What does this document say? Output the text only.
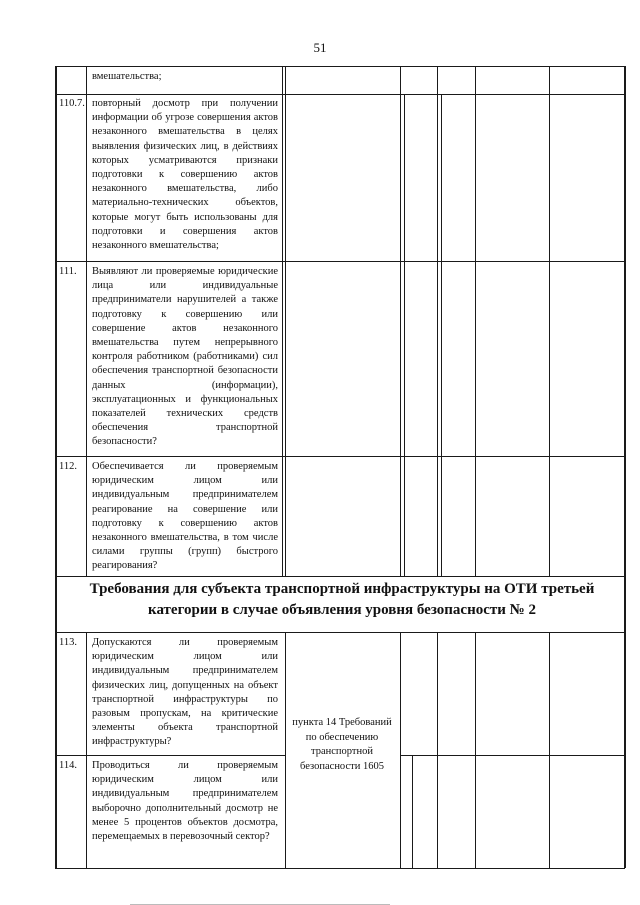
51
вмешательства;
110.7. повторный досмотр при получении информации об угрозе совершения актов незаконного вмешательства в целях выявления физических лиц, в действиях которых усматриваются признаки подготовки к совершению актов незаконного вмешательства, либо материально-технических объектов, которые могут быть использованы для подготовки и совершения актов незаконного вмешательства;
111. Выявляют ли проверяемые юридические лица или индивидуальные предприниматели нарушителей а также подготовку к совершению или совершение актов незаконного вмешательства путем непрерывного контроля работником (работниками) сил обеспечения транспортной безопасности данных (информации), эксплуатационных и функциональных показателей технических средств обеспечения транспортной безопасности?
112. Обеспечивается ли проверяемым юридическим лицом или индивидуальным предпринимателем реагирование на совершение или подготовку к совершению актов незаконного вмешательства, в том числе силами группы (групп) быстрого реагирования?
Требования для субъекта транспортной инфраструктуры на ОТИ третьей категории в случае объявления уровня безопасности № 2
113. Допускаются ли проверяемым юридическим лицом или индивидуальным предпринимателем физических лиц, допущенных на объект транспортной инфраструктуры по разовым пропускам, на критические элементы объекта транспортной инфраструктуры?
114. Проводиться ли проверяемым юридическим лицом или индивидуальным предпринимателем выборочно дополнительный досмотр не менее 5 процентов объектов досмотра, перемещаемых в перевозочный сектор?
пункта 14 Требований по обеспечению транспортной безопасности 1605
